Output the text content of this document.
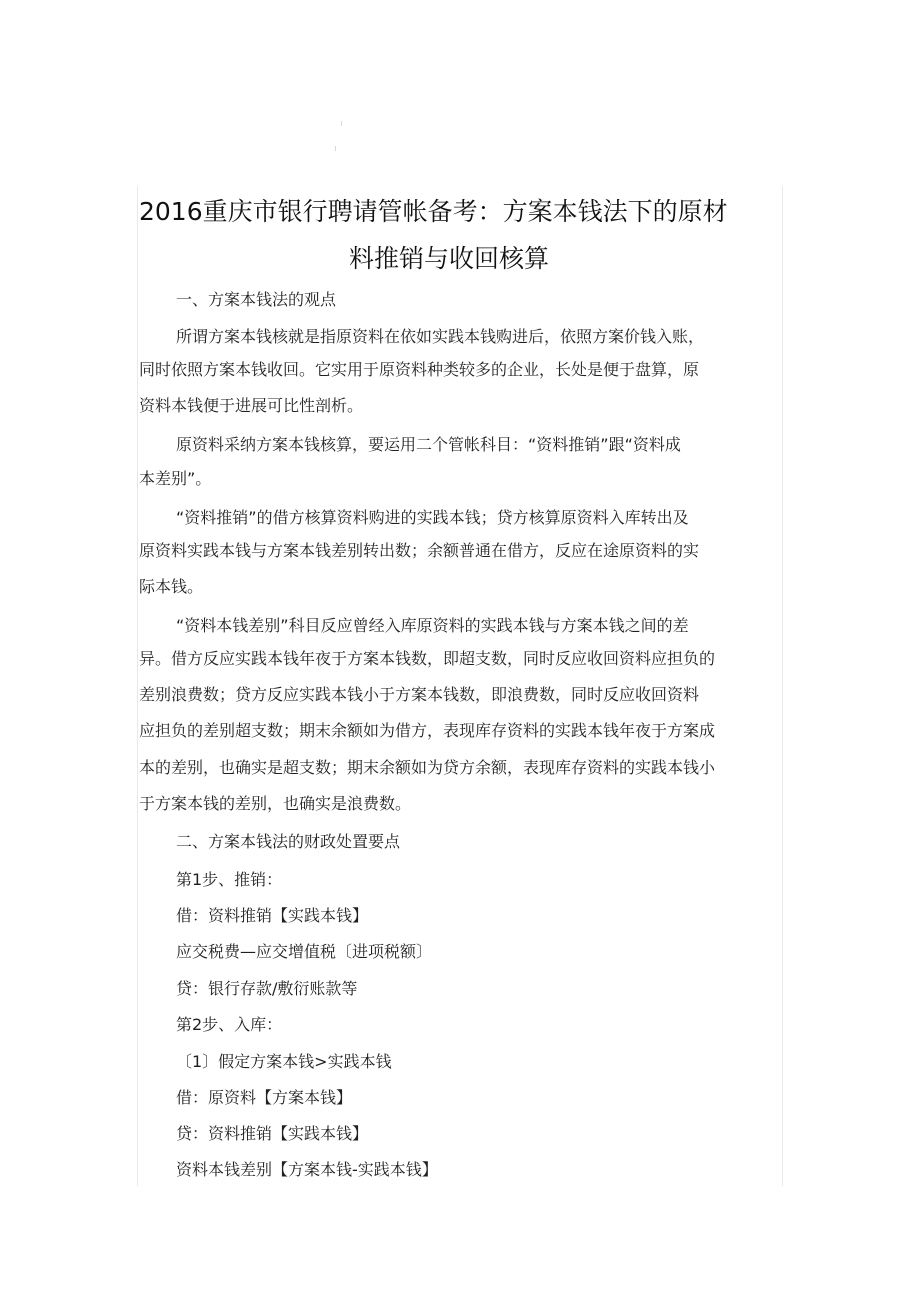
2016重庆市银行聘请管帐备考：方案本钱法下的原材
料推销与收回核算
一、方案本钱法的观点
所谓方案本钱核就是指原资料在依如实践本钱购进后，依照方案价钱入账，
同时依照方案本钱收回。它实用于原资料种类较多的企业，长处是便于盘算，原
资料本钱便于进展可比性剖析。
原资料采纳方案本钱核算，要运用二个管帐科目：“资料推销”跟“资料成
本差别”。
“资料推销”的借方核算资料购进的实践本钱；贷方核算原资料入库转出及
原资料实践本钱与方案本钱差别转出数；余额普通在借方，反应在途原资料的实
际本钱。
“资料本钱差别”科目反应曾经入库原资料的实践本钱与方案本钱之间的差
异。借方反应实践本钱年夜于方案本钱数，即超支数，同时反应收回资料应担负的
差别浪费数；贷方反应实践本钱小于方案本钱数，即浪费数，同时反应收回资料
应担负的差别超支数；期末余额如为借方，表现库存资料的实践本钱年夜于方案成
本的差别，也确实是超支数；期末余额如为贷方余额，表现库存资料的实践本钱小
于方案本钱的差别，也确实是浪费数。
二、方案本钱法的财政处置要点
第1步、推销：
借：资料推销【实践本钱】
应交税费—应交增值税〔进项税额〕
贷：银行存款/敷衍账款等
第2步、入库：
〔1〕假定方案本钱>实践本钱
借：原资料【方案本钱】
贷：资料推销【实践本钱】
资料本钱差别【方案本钱-实践本钱】
